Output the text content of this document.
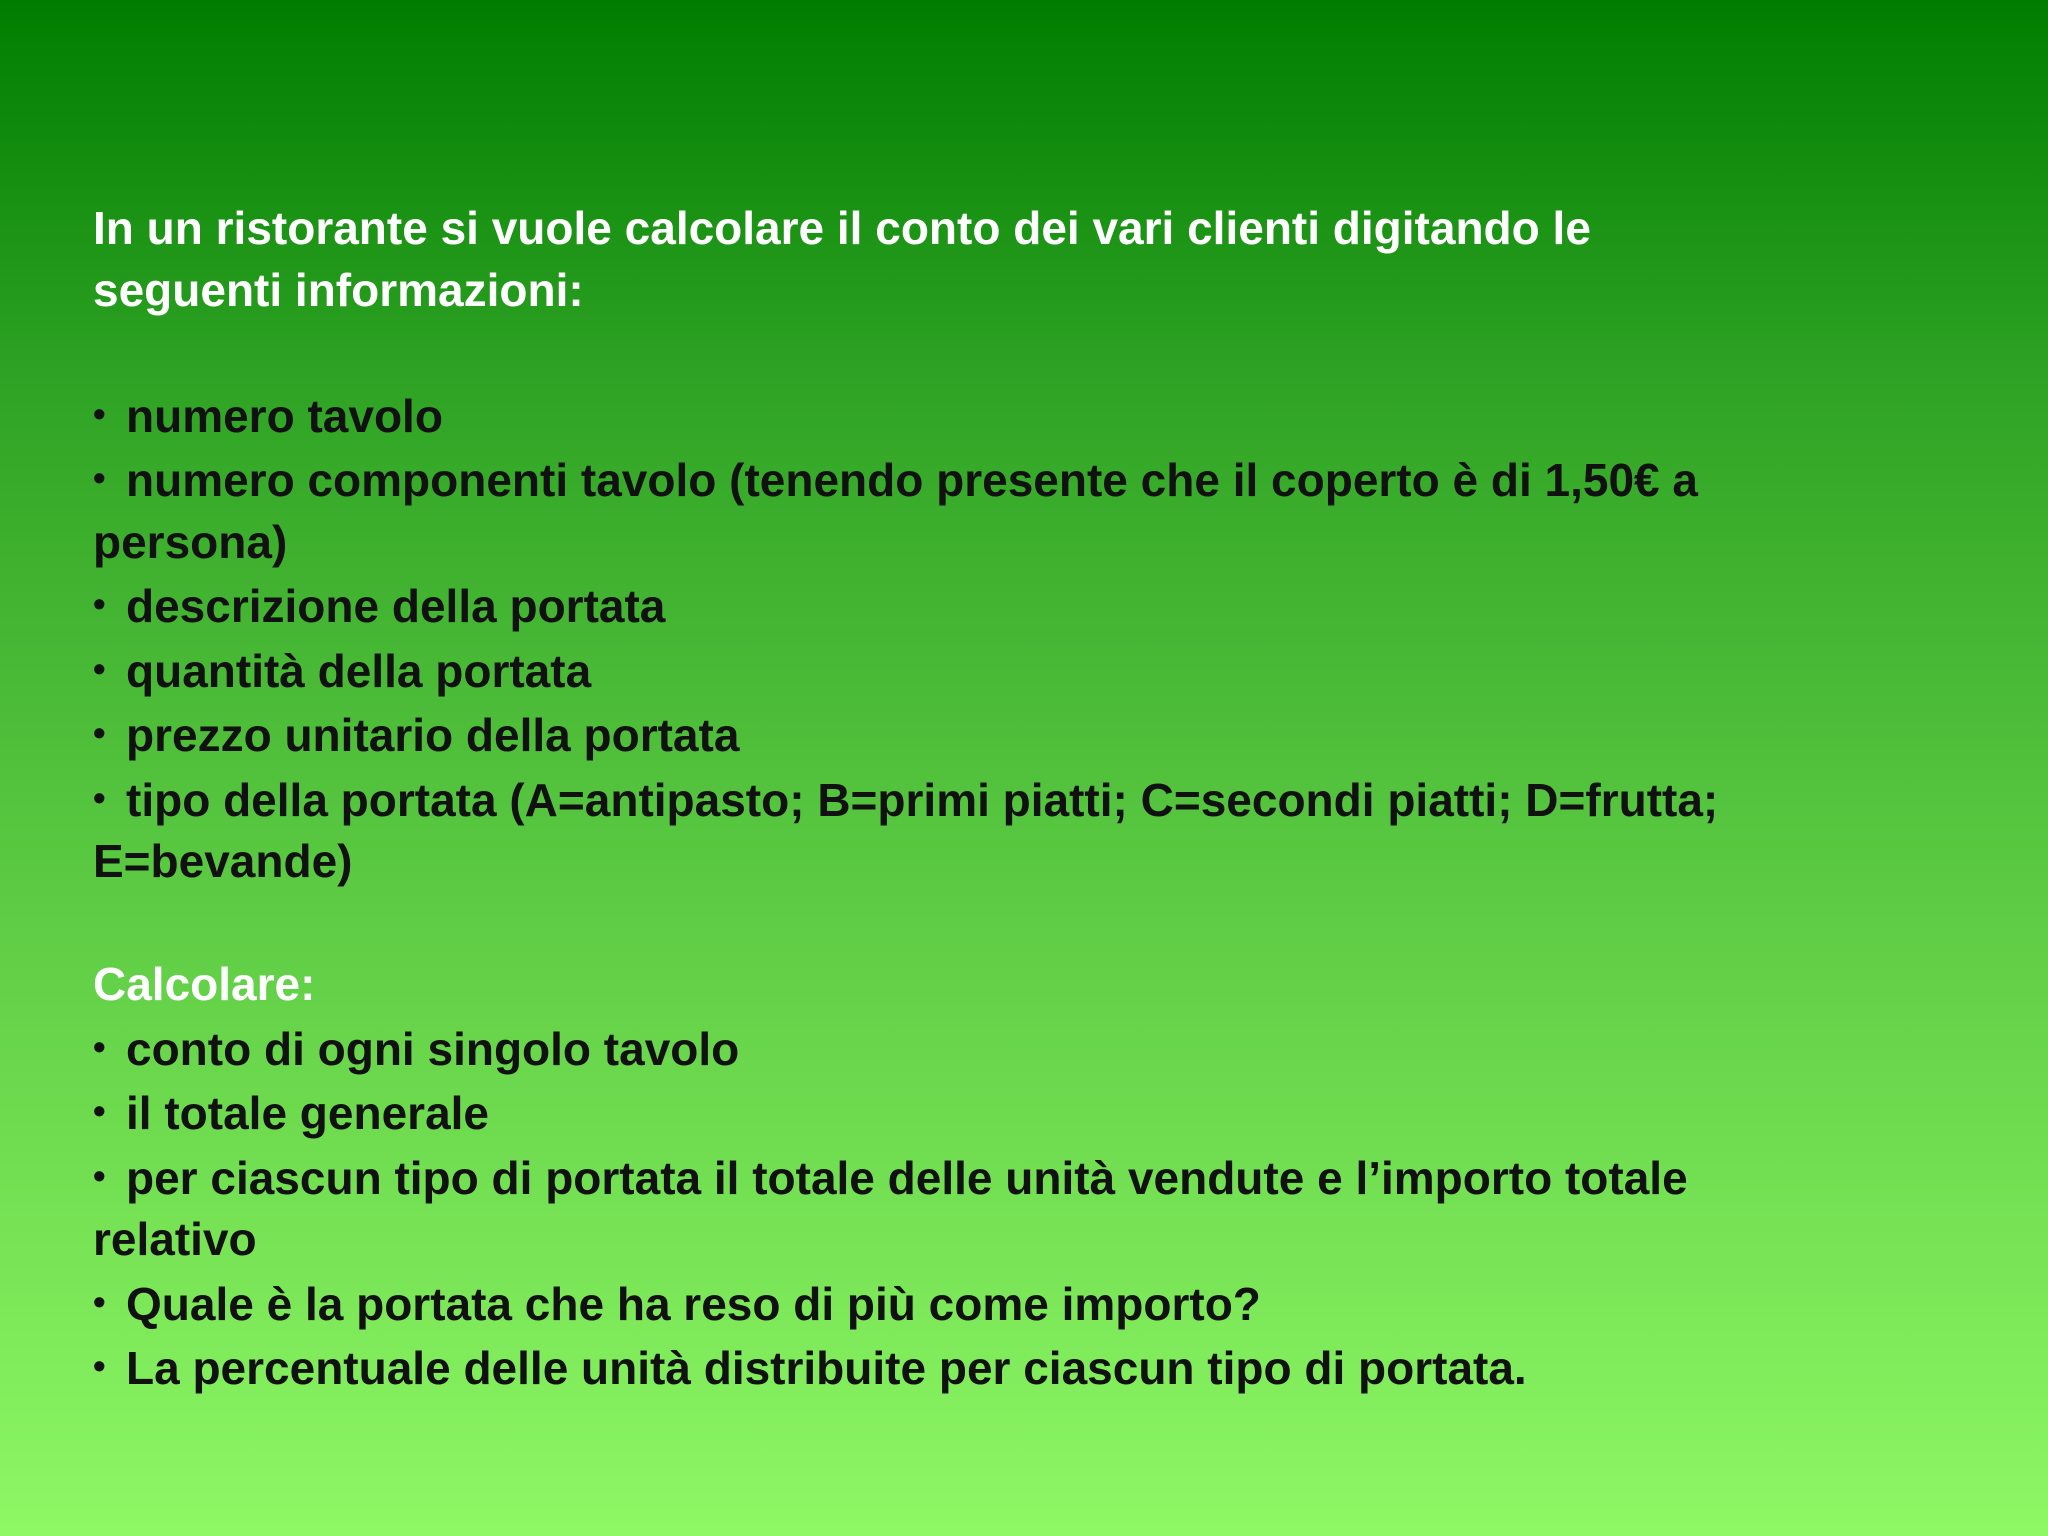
In un ristorante si vuole calcolare il conto dei vari clienti digitando le
seguenti informazioni:
• numero tavolo
• numero componenti tavolo (tenendo presente che il coperto è di 1,50€ a
persona)
• descrizione della portata
• quantità della portata
• prezzo unitario della portata
• tipo della portata (A=antipasto; B=primi piatti; C=secondi piatti; D=frutta;
E=bevande)
Calcolare:
• conto di ogni singolo tavolo
• il totale generale
• per ciascun tipo di portata il totale delle unità vendute e l’importo totale
relativo
• Quale è la portata che ha reso di più come importo?
• La percentuale delle unità distribuite per ciascun tipo di portata.
